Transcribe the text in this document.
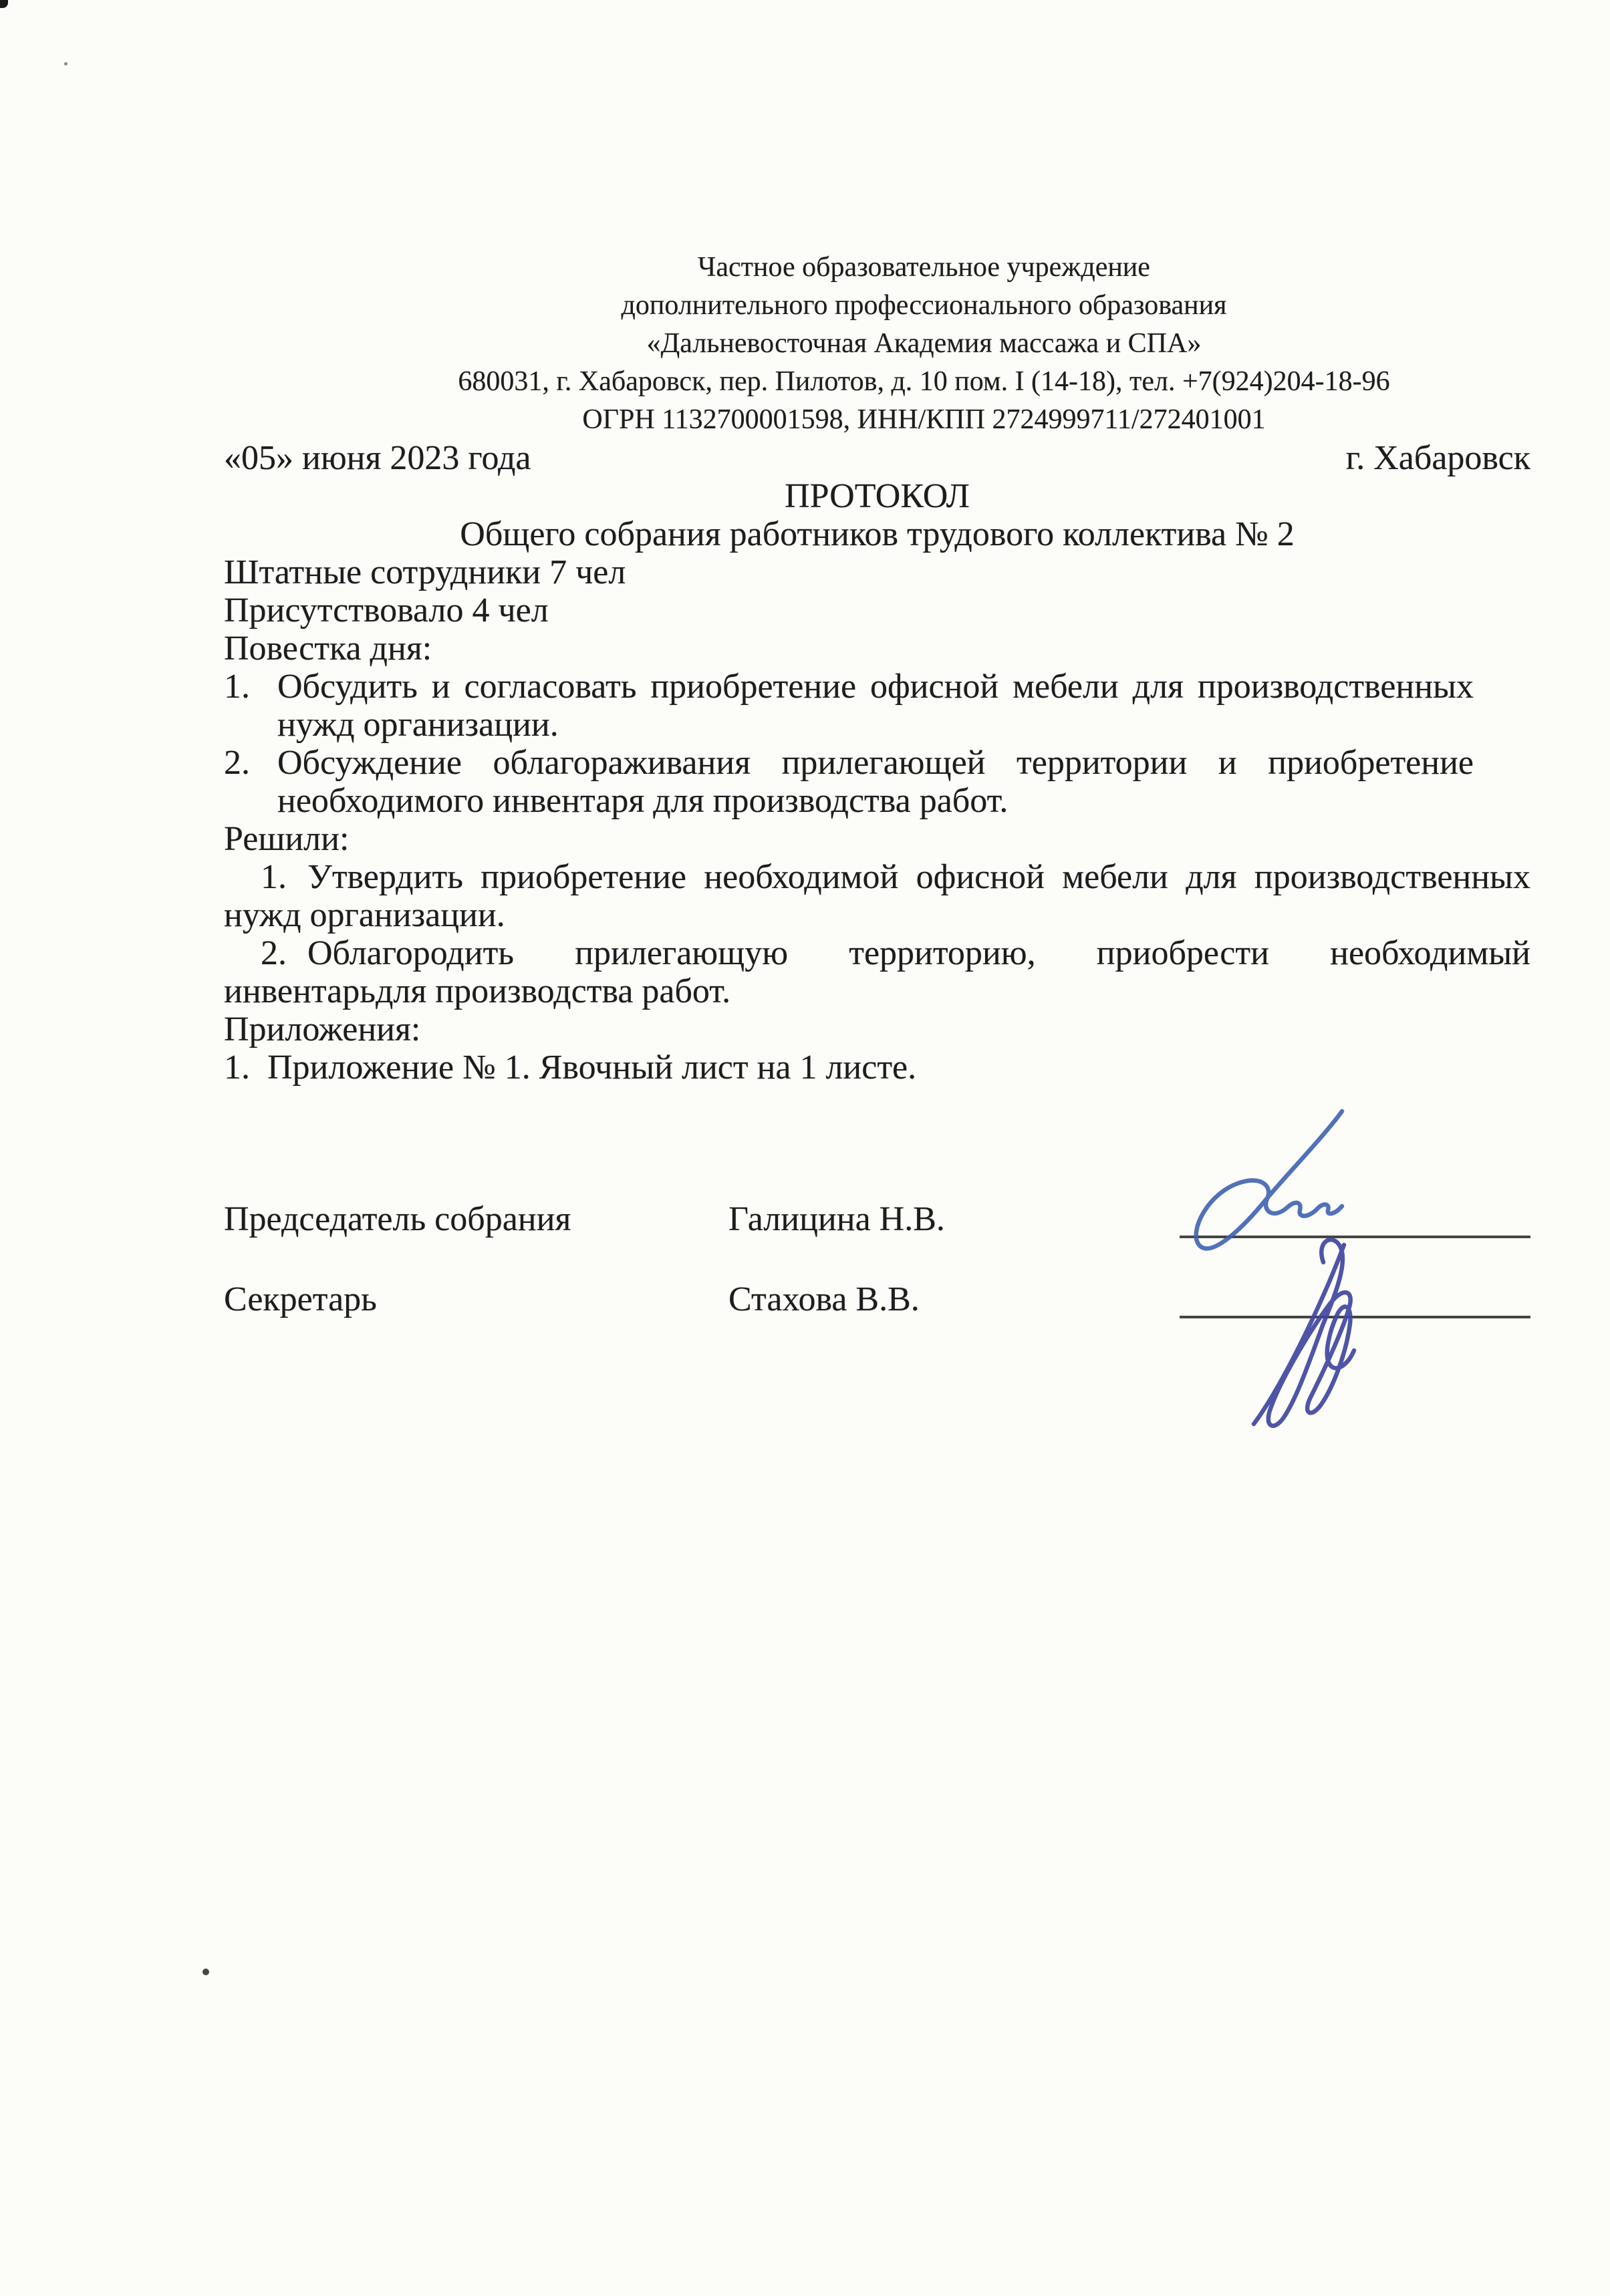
Частное образовательное учреждение
дополнительного профессионального образования
«Дальневосточная Академия массажа и СПА»
680031, г. Хабаровск, пер. Пилотов, д. 10 пом. I (14-18), тел. +7(924)204-18-96
ОГРН 1132700001598, ИНН/КПП 2724999711/272401001
«05» июня 2023 года	г. Хабаровск
ПРОТОКОЛ
Общего собрания работников трудового коллектива № 2

Штатные сотрудники 7 чел

Присутствовало 4 чел

Повестка дня:

1. Обсудить и согласовать приобретение офисной мебели для производственных нужд организации.
2. Обсуждение облагораживания прилегающей территории и приобретение необходимого инвентаря для производства работ.

Решили:

1. Утвердить приобретение необходимой офисной мебели для производственных нужд организации.

2. Облагородить прилегающую территорию, приобрести необходимый инвентарьдля производства работ.

Приложения:

1. Приложение № 1. Явочный лист на 1 листе.

Председатель собрания	Галицина Н.В.
Секретарь	Стахова В.В.
